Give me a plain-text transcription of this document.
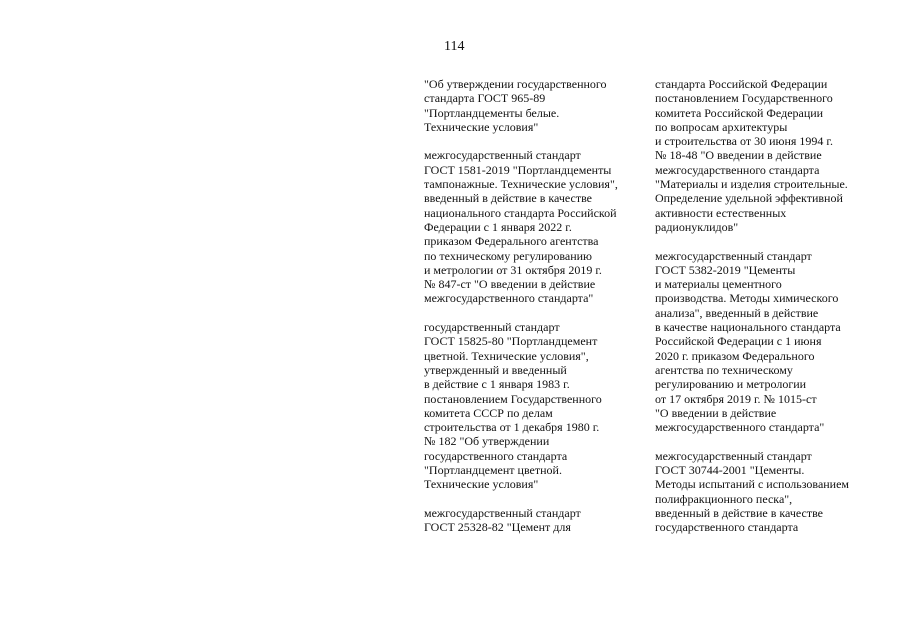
114
"Об утверждении государственного
стандарта ГОСТ 965-89
"Портландцементы белые.
Технические условия"
межгосударственный стандарт
ГОСТ 1581-2019 "Портландцементы
тампонажные. Технические условия",
введенный в действие в качестве
национального стандарта Российской
Федерации с 1 января 2022 г.
приказом Федерального агентства
по техническому регулированию
и метрологии от 31 октября 2019 г.
№ 847-ст "О введении в действие
межгосударственного стандарта"
государственный стандарт
ГОСТ 15825-80 "Портландцемент
цветной. Технические условия",
утвержденный и введенный
в действие с 1 января 1983 г.
постановлением Государственного
комитета СССР по делам
строительства от 1 декабря 1980 г.
№ 182 "Об утверждении
государственного стандарта
"Портландцемент цветной.
Технические условия"
межгосударственный стандарт
ГОСТ 25328-82 "Цемент для
стандарта Российской Федерации
постановлением Государственного
комитета Российской Федерации
по вопросам архитектуры
и строительства от 30 июня 1994 г.
№ 18-48 "О введении в действие
межгосударственного стандарта
"Материалы и изделия строительные.
Определение удельной эффективной
активности естественных
радионуклидов"
межгосударственный стандарт
ГОСТ 5382-2019 "Цементы
и материалы цементного
производства. Методы химического
анализа", введенный в действие
в качестве национального стандарта
Российской Федерации с 1 июня
2020 г. приказом Федерального
агентства по техническому
регулированию и метрологии
от 17 октября 2019 г. № 1015-ст
"О введении в действие
межгосударственного стандарта"
межгосударственный стандарт
ГОСТ 30744-2001 "Цементы.
Методы испытаний с использованием
полифракционного песка",
введенный в действие в качестве
государственного стандарта
